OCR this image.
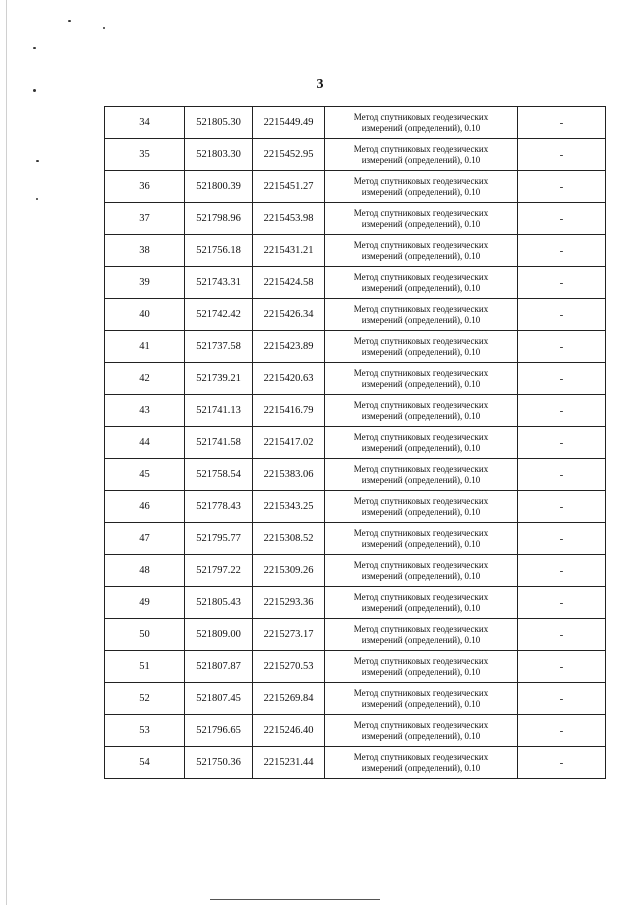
3
34	521805.30	2215449.49	Метод спутниковых геодезических
измерений (определений), 0.10	-
35	521803.30	2215452.95	Метод спутниковых геодезических
измерений (определений), 0.10	-
36	521800.39	2215451.27	Метод спутниковых геодезических
измерений (определений), 0.10	-
37	521798.96	2215453.98	Метод спутниковых геодезических
измерений (определений), 0.10	-
38	521756.18	2215431.21	Метод спутниковых геодезических
измерений (определений), 0.10	-
39	521743.31	2215424.58	Метод спутниковых геодезических
измерений (определений), 0.10	-
40	521742.42	2215426.34	Метод спутниковых геодезических
измерений (определений), 0.10	-
41	521737.58	2215423.89	Метод спутниковых геодезических
измерений (определений), 0.10	-
42	521739.21	2215420.63	Метод спутниковых геодезических
измерений (определений), 0.10	-
43	521741.13	2215416.79	Метод спутниковых геодезических
измерений (определений), 0.10	-
44	521741.58	2215417.02	Метод спутниковых геодезических
измерений (определений), 0.10	-
45	521758.54	2215383.06	Метод спутниковых геодезических
измерений (определений), 0.10	-
46	521778.43	2215343.25	Метод спутниковых геодезических
измерений (определений), 0.10	-
47	521795.77	2215308.52	Метод спутниковых геодезических
измерений (определений), 0.10	-
48	521797.22	2215309.26	Метод спутниковых геодезических
измерений (определений), 0.10	-
49	521805.43	2215293.36	Метод спутниковых геодезических
измерений (определений), 0.10	-
50	521809.00	2215273.17	Метод спутниковых геодезических
измерений (определений), 0.10	-
51	521807.87	2215270.53	Метод спутниковых геодезических
измерений (определений), 0.10	-
52	521807.45	2215269.84	Метод спутниковых геодезических
измерений (определений), 0.10	-
53	521796.65	2215246.40	Метод спутниковых геодезических
измерений (определений), 0.10	-
54	521750.36	2215231.44	Метод спутниковых геодезических
измерений (определений), 0.10	-
